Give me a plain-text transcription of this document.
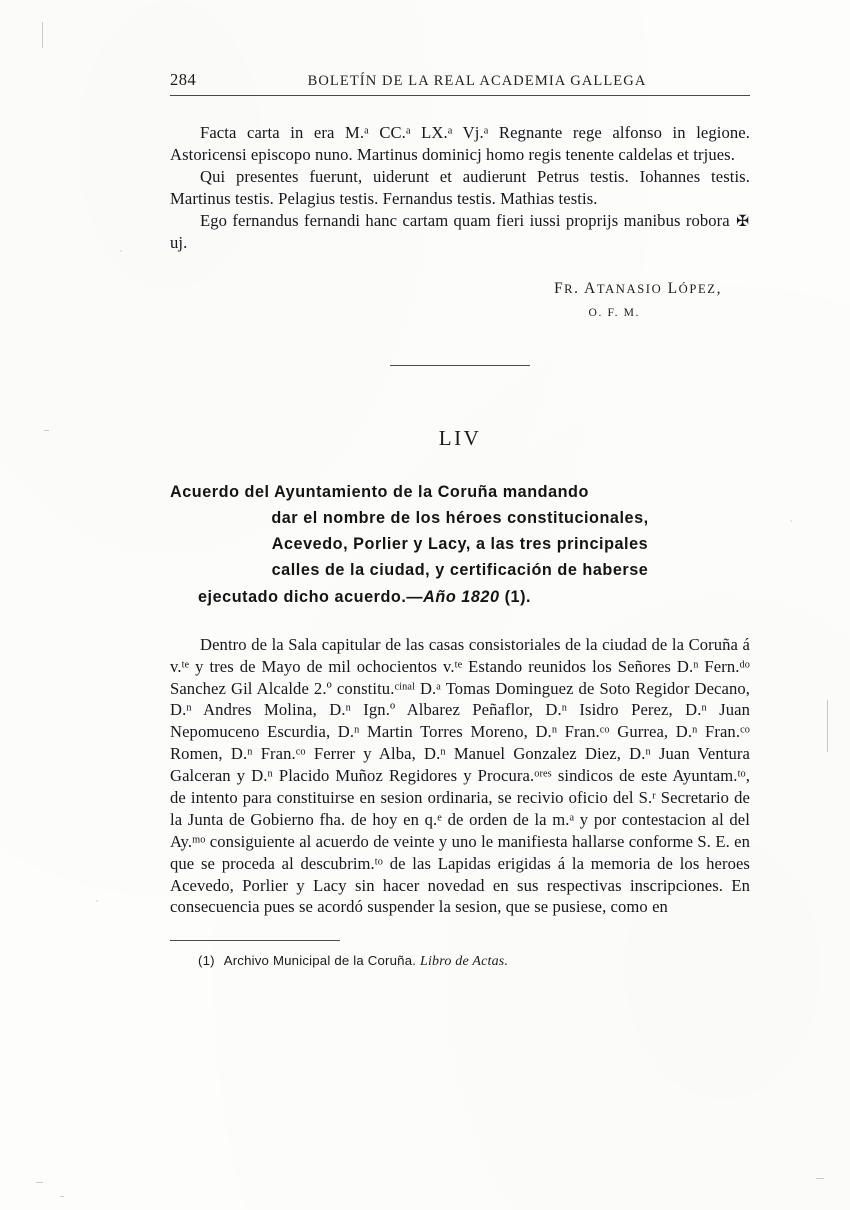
284	BOLETÍN DE LA REAL ACADEMIA GALLEGA

Facta carta in era M.$^a$ CC.$^a$ LX.$^a$ Vj.$^a$ Regnante rege alfonso in legione. Astoricensi episcopo nuno. Martinus dominicj homo regis tenente caldelas et trjues.

Qui presentes fuerunt, uiderunt et audierunt Petrus testis. Iohannes testis. Martinus testis. Pelagius testis. Fernandus testis. Mathias testis.

Ego fernandus fernandi hanc cartam quam fieri iussi proprijs manibus robora ✠ uj.

FR. ATANASIO LÓPEZ,
O. F. M.
LIV
Acuerdo del Ayuntamiento de la Coruña mandando
dar el nombre de los héroes constitucionales,
Acevedo, Porlier y Lacy, a las tres principales
calles de la ciudad, y certificación de haberse
ejecutado dicho acuerdo.—Año 1820 (1).

Dentro de la Sala capitular de las casas consistoriales de la ciudad de la Coruña á v.$^{te}$ y tres de Mayo de mil ochocientos v.$^{te}$ Estando reunidos los Señores D.$^n$ Fern.$^{do}$ Sanchez Gil Alcalde 2.º constitu.$^{cinal}$ D.$^a$ Tomas Dominguez de Soto Regidor Decano, D.$^n$ Andres Molina, D.$^n$ Ign.º Albarez Peñaflor, D.$^n$ Isidro Perez, D.$^n$ Juan Nepomuceno Escurdia, D.$^n$ Martin Torres Moreno, D.$^n$ Fran.$^{co}$ Gurrea, D.$^n$ Fran.$^{co}$ Romen, D.$^n$ Fran.$^{co}$ Ferrer y Alba, D.$^n$ Manuel Gonzalez Diez, D.$^n$ Juan Ventura Galceran y D.$^n$ Placido Muñoz Regidores y Procura.$^{ores}$ sindicos de este Ayuntam.$^{to}$, de intento para constituirse en sesion ordinaria, se recivio oficio del S.$^r$ Secretario de la Junta de Gobierno fha. de hoy en q.$^e$ de orden de la m.$^a$ y por contestacion al del Ay.$^{mo}$ consiguiente al acuerdo de veinte y uno le manifiesta hallarse conforme S. E. en que se proceda al descubrim.$^{to}$ de las Lapidas erigidas á la memoria de los heroes Acevedo, Porlier y Lacy sin hacer novedad en sus respectivas inscripciones. En consecuencia pues se acordó suspender la sesion, que se pusiese, como en

(1) Archivo Municipal de la Coruña. Libro de Actas.
